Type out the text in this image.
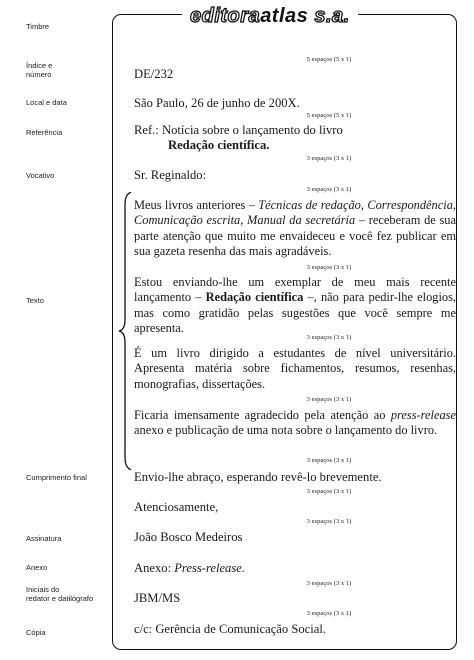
Timbre
Índice e
número
Local e data
Referência
Vocativo
Texto
Cumprimento final
Assinatura
Anexo
Iniciais do
redator e datilógrafo
Cópia
editoraatlas s.a.
5 espaços (5 x 1)
5 espaços (5 x 1)
3 espaços (3 x 1)
3 espaços (3 x 1)
3 espaços (3 x 1)
3 espaços (3 x 1)
3 espaços (3 x 1)
3 espaços (3 x 1)
3 espaços (3 x 1)
3 espaços (3 x 1)
3 espaços (3 x 1)
3 espaços (3 x 1)
DE/232
São Paulo, 26 de junho de 200X.
Ref.: Notícia sobre o lançamento do livro
Redação científica.
Sr. Reginaldo:
Meus livros anteriores – Técnicas de redação, Correspondência, Comunicação escrita, Manual da secretária – receberam de sua parte atenção que muito me envaideceu e você fez publicar em sua gazeta resenha das mais agradáveis.
Estou enviando-lhe um exemplar de meu mais recente lançamento – Redação científica –, não para pedir-lhe elogios, mas como gratidão pelas sugestões que você sempre me apresenta.
É um livro dirigido a estudantes de nível universitário. Apresenta matéria sobre fichamentos, resumos, resenhas, monografias, dissertações.
Ficaria imensamente agradecido pela atenção ao press-release anexo e publicação de uma nota sobre o lançamento do livro.
Envio-lhe abraço, esperando revê-lo brevemente.
Atenciosamente,
João Bosco Medeiros
Anexo: Press-release.
JBM/MS
c/c: Gerência de Comunicação Social.
